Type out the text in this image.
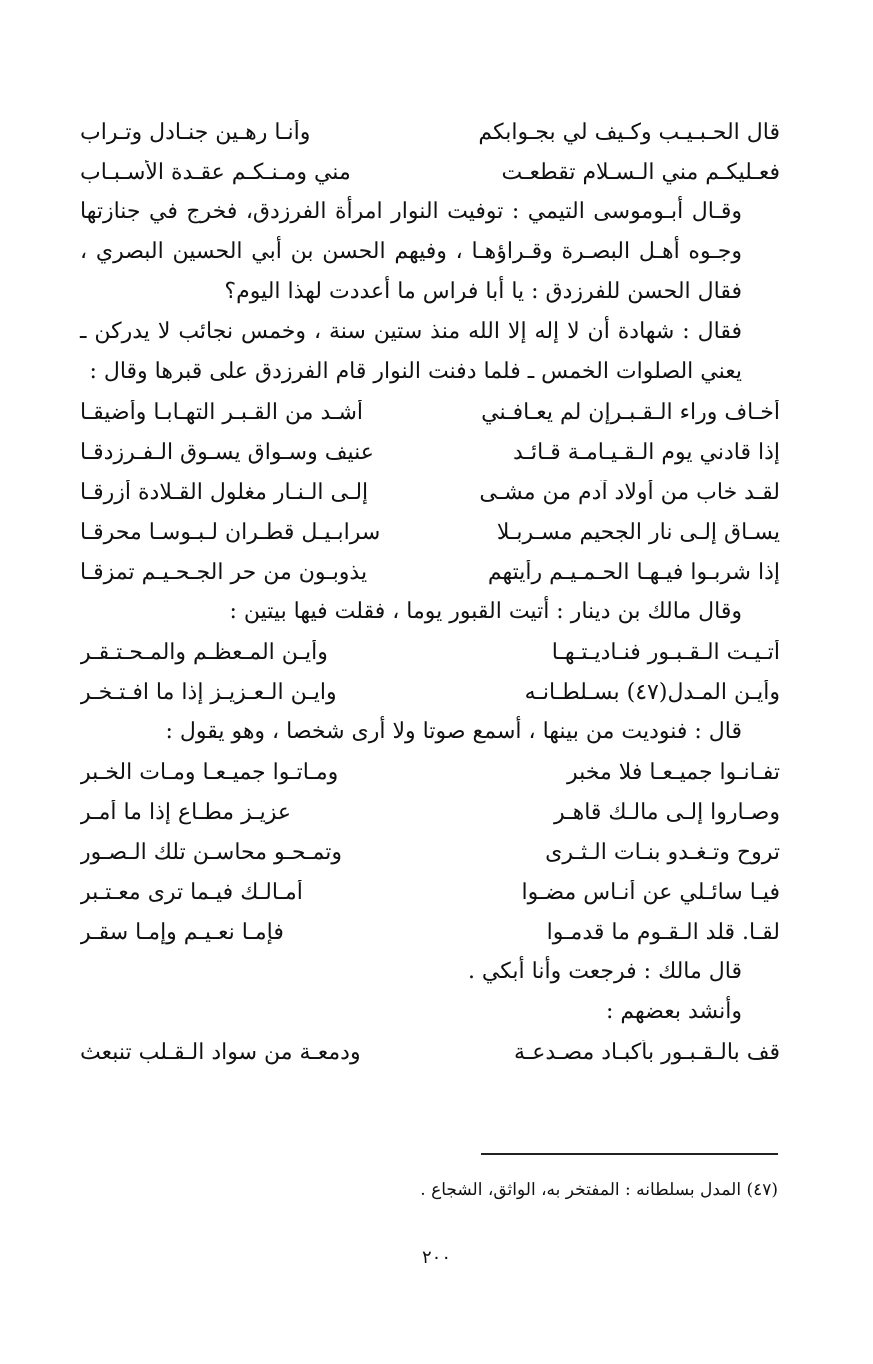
قال الحـبـيـب وكـيف لي بجـوابكم
وأنـا رهـين جنـادل وتـراب
فعـليكـم مني الـسـلام تقطعـت
مني ومـنـكـم عقـدة الأسـبـاب

وقـال أبـوموسى التيمي : توفيت النوار امرأة الفرزدق، فخرج في جنازتها وجـوه أهـل البصـرة وقـراؤهـا ، وفيهم الحسن بن أبي الحسين البصري ، فقال الحسن للفرزدق : يا أبا فراس ما أعددت لهذا اليوم؟

فقال : شهادة أن لا إله إلا الله منذ ستين سنة ، وخمس نجائب لا يدركن ـ يعني الصلوات الخمس ـ فلما دفنت النوار قام الفرزدق على قبرها وقال :

أخـاف وراء الـقـبـرإن لم يعـافـني
أشـد من القـبـر التهـابـا وأضيقـا
إذا قادني يوم الـقـيـامـة قـائـد
عنيف وسـواق يسـوق الـفـرزدقـا
لقـد خاب من أولاد آدم من مشـى
إلـى الـنـار مغلول القـلادة أزرقـا
يسـاق إلـى نار الجحيم مسـربـلا
سرابـيـل قطـران لـبـوسـا محرقـا
إذا شربـوا فيـهـا الحـمـيـم رأيتهم
يذوبـون من حر الجـحـيـم تمزقـا

وقال مالك بن دينار : أتيت القبور يوما ، فقلت فيها بيتين :

أتـيـت الـقـبـور فنـاديـتـهـا
وأيـن المـعظـم والمـحـتـقـر
وأيـن المـدل(٤٧) بسـلطـانـه
وايـن الـعـزيـز إذا ما افـتـخـر

قال : فنوديت من بينها ، أسمع صوتا ولا أرى شخصا ، وهو يقول :

تفـانـوا جميـعـا فلا مخبر
ومـاتـوا جميـعـا ومـات الخـبر
وصـاروا إلـى مالـك قاهـر
عزيـز مطـاع إذا ما أمـر
تروح وتـغـدو بنـات الـثـرى
وتمـحـو محاسـن تلك الـصـور
فيـا سائـلي عن أنـاس مضـوا
أمـالـك فيـما ترى معـتـبر
لقـا. قلد الـقـوم ما قدمـوا
فإمـا نعـيـم وإمـا سقـر

قال مالك : فرجعت وأنا أبكي .

وأنشد بعضهم :

قف بالـقـبـور بأكبـاد مصـدعـة
ودمعـة من سواد الـقـلب تنبعث
(٤٧) المدل بسلطانه : المفتخر به، الواثق، الشجاع .
٢٠٠
